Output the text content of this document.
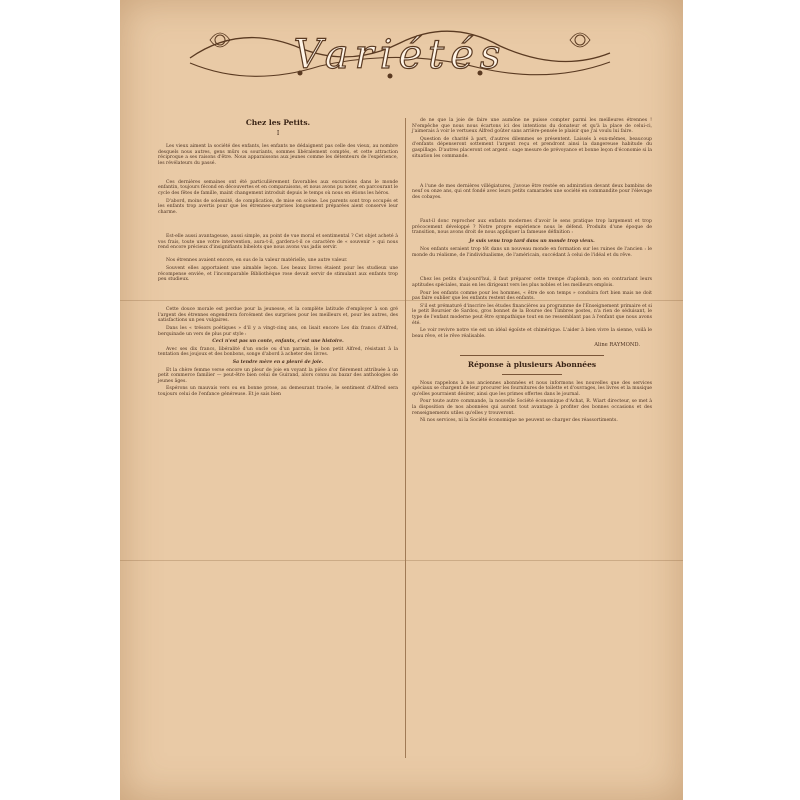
Variétés
Chez les Petits.
I

Les vieux aiment la société des enfants, les enfants ne dédaignent pas celle des vieux, au nombre desquels nous autres, gens mûrs ou souriants, sommes libéralement comptés, et cette attraction réciproque a ses raisons d'être. Nous apparaissons aux jeunes comme les détenteurs de l'expérience, les révélateurs du passé.

Ces dernières semaines ont été particulièrement favorables aux excursions dans le monde enfantin, toujours fécond en découvertes et en comparaisons, et nous avons pu noter, en parcourant le cycle des fêtes de famille, maint changement introduit depuis le temps où nous en étions les héros.

D'abord, moins de solennité, de complication, de mise en scène. Les parents sont trop occupés et les enfants trop avertis pour que les étrennes-surprises longuement préparées aient conservé leur charme.

Est-elle aussi avantageuse, aussi simple, au point de vue moral et sentimental ? Cet objet acheté à vos frais, toute une votre intervention, aura-t-il, gardera-t-il ce caractère de « souvenir » qui nous rend encore précieux d'insignifiants bibelots que nous avons vus jadis servir.

Nos étrennes avaient encore, en sus de la valeur matérielle, une autre valeur.

Souvent elles apportaient une aimable leçon. Les beaux livres étaient pour les studieux une récompense enviée, et l'incomparable Bibliothèque rose devait servir de stimulant aux enfants trop peu studieux.

Cette douce morale est perdue pour la jeunesse, et la complète latitude d'employer à son gré l'argent des étrennes engendrera forcément des surprises pour les meilleurs et, pour les autres, des satisfactions un peu vulgaires.

Dans les « trésors poétiques » d'il y a vingt-cinq ans, on lisait encore Les dix francs d'Alfred, berquinade un vers de plus pur style :

Ceci n'est pas un conte, enfants, c'est une histoire.

Avec ses dix francs, libéralité d'un oncle ou d'un parrain, le bon petit Alfred, résistant à la tentation des joujoux et des bonbons, songe d'abord à acheter des livres.

Sa tendre mère en a pleuré de joie.

Et la chère femme verse encore un pleur de joie en voyant la pièce d'or fièrement attribuée à un petit commerce familier — peut-être bien celui de Guirand, alors connu au bazar des anthologies de jeunes âges.

Espérons un mauvais vers ou en bonne prose, au demeurant tracée, le sentiment d'Alfred sera toujours celui de l'enfance généreuse. Et je sais bien

de ne que la joie de faire une aumône ne puisse compter parmi les meilleures étrennes ! N'empêche que nous nous écartons ici des intentions du donateur et qu'à la place de celui-ci, j'aimerais à voir le vertueux Alfred goûter sans arrière-pensée le plaisir que j'ai voulu lui faire.

Question de charité à part, d'autres dilemmes se présentent. Laissés à eux-mêmes, beaucoup d'enfants dépenseront sottement l'argent reçu et prendront ainsi la dangereuse habitude du gaspillage. D'autres placeront cet argent : sage mesure de prévoyance et bonne leçon d'économie si la situation les commande.

A l'une de mes dernières villégiatures, j'avoue être restée en admiration devant deux bambins de neuf ou onze ans, qui ont fondé avec leurs petits camarades une société en commandite pour l'élevage des cobayes.

Faut-il donc reprocher aux enfants modernes d'avoir le sens pratique trop largement et trop précocement développé ? Notre propre expérience nous le défend. Produits d'une époque de transition, nous avons droit de nous appliquer la fameuse définition :

Je suis venu trop tard dans un monde trop vieux.

Nos enfants seraient trop tôt dans un nouveau monde en formation sur les ruines de l'ancien : le monde du réalisme, de l'individualisme, de l'américain, succédant à celui de l'idéal et du rêve.

Chez les petits d'aujourd'hui, il faut préparer cette trempe d'aplomb, non en contrariant leurs aptitudes spéciales, mais en les dirigeant vers les plus nobles et les meilleurs emplois.

Pour les enfants comme pour les hommes, « être de son temps » conduira fort bien mais ne doit pas faire oublier que les enfants restent des enfants.

S'il est prématuré d'inscrire les études financières au programme de l'Enseignement primaire et si le petit Boursier de Sardou, gros bonnet de la Bourse des Timbres postes, n'a rien de séduisant, le type de l'enfant moderne peut être sympathique tout en ne ressemblant pas à l'enfant que nous avons été.

Le voir revivre notre vie est un idéal égoïste et chimérique. L'aider à bien vivre la sienne, voilà le beau rêve, et le rêve réalisable.

Aline RAYMOND.
Réponse à plusieurs Abonnées

Nous rappelons à nos anciennes abonnées et nous informons les nouvelles que des services spéciaux se chargent de leur procurer les fournitures de toilette et d'ouvrages, les livres et la musique qu'elles pourraient désirer, ainsi que les primes offertes dans le journal.

Pour toute autre commande, la nouvelle Société économique d'Achat, R. Wiart directeur, se met à la disposition de nos abonnées qui auront tout avantage à profiter des bonnes occasions et des renseignements utiles qu'elles y trouveront.

Ni nos services, ni la Société économique ne peuvent se charger des réassortiments.
